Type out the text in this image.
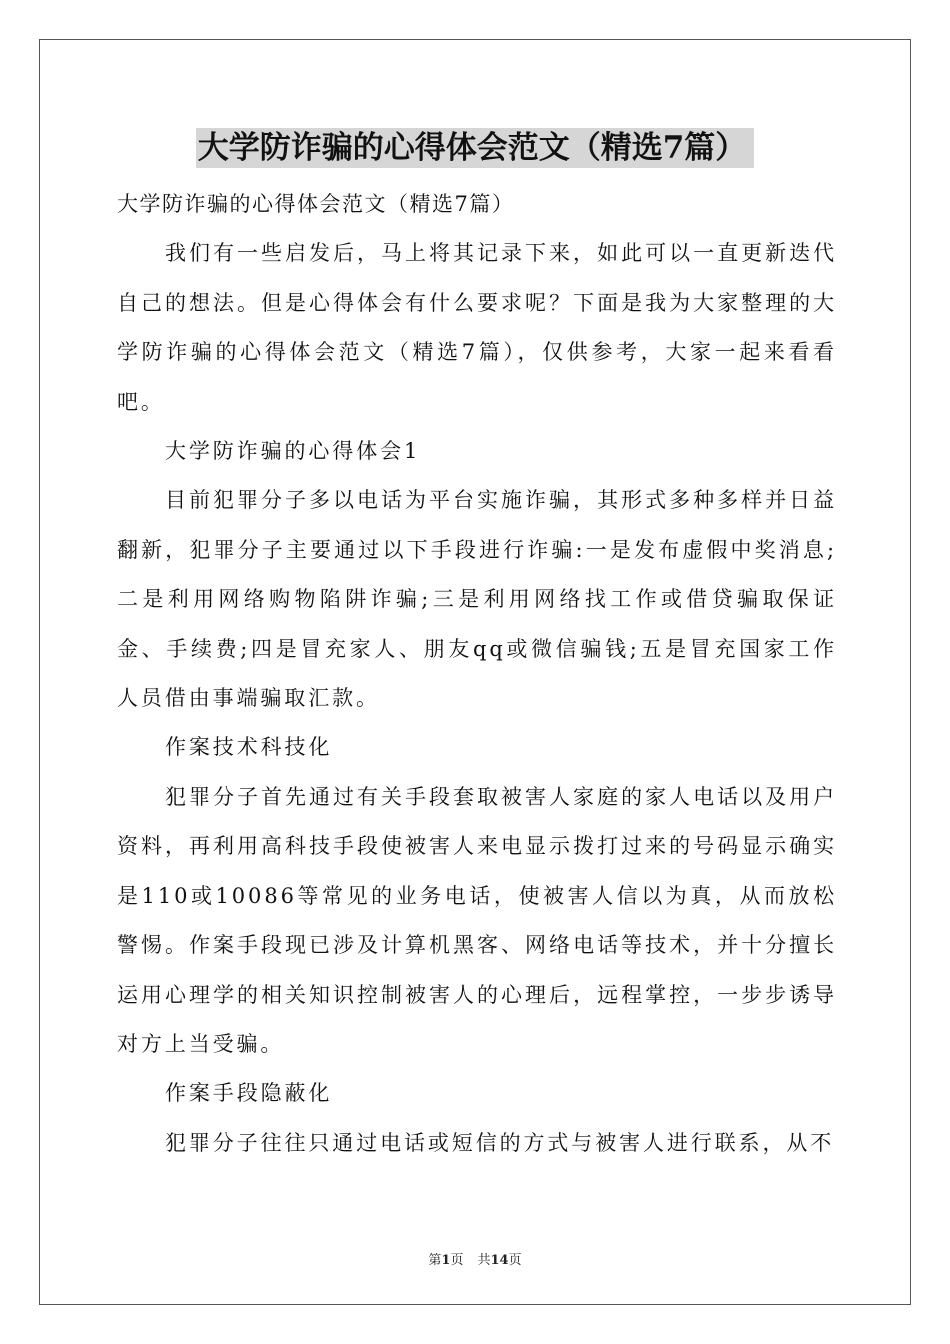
大学防诈骗的心得体会范文（精选7篇）

大学防诈骗的心得体会范文（精选7篇）

我们有一些启发后，马上将其记录下来，如此可以一直更新迭代自己的想法。但是心得体会有什么要求呢？下面是我为大家整理的大学防诈骗的心得体会范文（精选7篇），仅供参考，大家一起来看看吧。

大学防诈骗的心得体会1

目前犯罪分子多以电话为平台实施诈骗，其形式多种多样并日益翻新，犯罪分子主要通过以下手段进行诈骗:一是发布虚假中奖消息;二是利用网络购物陷阱诈骗;三是利用网络找工作或借贷骗取保证金、手续费;四是冒充家人、朋友qq或微信骗钱;五是冒充国家工作人员借由事端骗取汇款。

作案技术科技化

犯罪分子首先通过有关手段套取被害人家庭的家人电话以及用户资料，再利用高科技手段使被害人来电显示拨打过来的号码显示确实是110或10086等常见的业务电话，使被害人信以为真，从而放松警惕。作案手段现已涉及计算机黑客、网络电话等技术，并十分擅长运用心理学的相关知识控制被害人的心理后，远程掌控，一步步诱导对方上当受骗。

作案手段隐蔽化

犯罪分子往往只通过电话或短信的方式与被害人进行联系，从不

第1页 共14页
